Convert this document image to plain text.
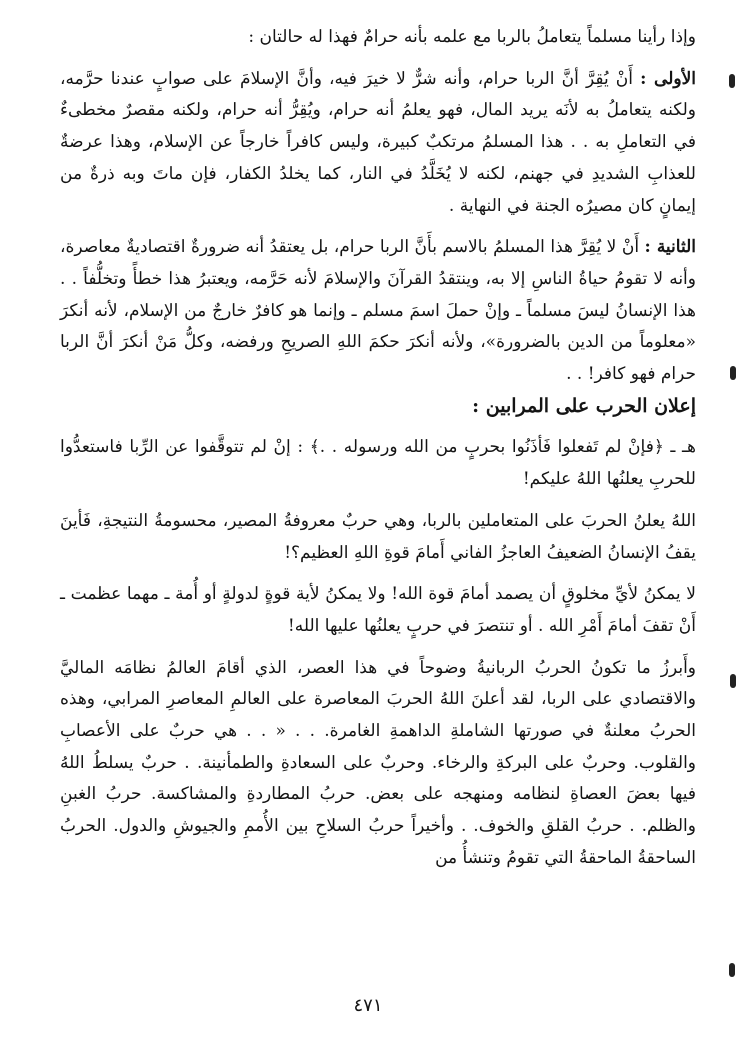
وإذا رأينا مسلماً يتعاملُ بالربا مع علمه بأنه حرامٌ فهذا له حالتان :

الأولى : أَنْ يُقِرَّ أنَّ الربا حرام، وأنه شرٌّ لا خيرَ فيه، وأنَّ الإسلامَ على صوابٍ عندنا حرَّمه، ولكنه يتعاملُ به لأنَه يريد المال، فهو يعلمُ أنه حرام، ويُقِرُّ أنه حرام، ولكنه مقصرٌ مخطىءٌ في التعاملِ به . . هذا المسلمُ مرتكبٌ كبيرة، وليس كافراً خارجاً عن الإسلام، وهذا عرضةٌ للعذابِ الشديدِ في جهنم، لكنه لا يُخَلَّدُ في النار، كما يخلدُ الكفار، فإن ماتَ وبه ذرةٌ من إيمانٍ كان مصيرُه الجنة في النهاية .

الثانية : أَنْ لا يُقِرَّ هذا المسلمُ بالاسم بأَنَّ الربا حرام، بل يعتقدُ أنه ضرورةٌ اقتصاديةٌ معاصرة، وأنه لا تقومُ حياةُ الناسِ إلا به، وينتقدُ القرآنَ والإسلامَ لأنه حَرَّمه، ويعتبرُ هذا خطأً وتخلُّفاً . . هذا الإنسانُ ليسَ مسلماً ـ وإنْ حملَ اسمَ مسلم ـ وإنما هو كافرٌ خارجٌ من الإسلام، لأنه أنكرَ «معلوماً من الدين بالضرورة»، ولأنه أنكرَ حكمَ اللهِ الصريحِ ورفضه، وكلُّ مَنْ أنكرَ أنَّ الربا حرام فهو كافر! . .

إعلان الحرب على المرابين :

هـ ـ ﴿فإنْ لم تَفعلوا فَأذَنُوا بحربٍ من الله ورسوله . .﴾ : إنْ لم تتوقَّفوا عن الرِّبا فاستعدُّوا للحربِ يعلنُها اللهُ عليكم!

اللهُ يعلنُ الحربَ على المتعاملين بالربا، وهي حربٌ معروفةُ المصير، محسومةُ النتيجةِ، فَأينَ يقفُ الإنسانُ الضعيفُ العاجزُ الفاني أَمامَ قوةِ اللهِ العظيم؟!

لا يمكنُ لأيِّ مخلوقٍ أن يصمد أمامَ قوة الله! ولا يمكنُ لأية قوةٍ لدولةٍ أو أُمة ـ مهما عظمت ـ أَنْ تقفَ أمامَ أَمْرِ الله . أو تنتصرَ في حربٍ يعلنُها عليها الله!

وأَبرزُ ما تكونُ الحربُ الربانيةُ وضوحاً في هذا العصر، الذي أقامَ العالمُ نظامَه الماليَّ والاقتصادي على الربا، لقد أعلنَ اللهُ الحربَ المعاصرة على العالمِ المعاصرِ المرابي، وهذه الحربُ معلنةٌ في صورتها الشاملةِ الداهمةِ الغامرة. . . « . . هي حربٌ على الأعصابِ والقلوب. وحربٌ على البركةِ والرخاء. وحربٌ على السعادةِ والطمأنينة. . حربٌ يسلطُ اللهُ فيها بعضَ العصاةِ لنظامه ومنهجه على بعض. حربُ المطاردةِ والمشاكسة. حربُ الغبنِ والظلم. . حربُ القلقِ والخوف. . وأخيراً حربُ السلاحِ بين الأُممِ والجيوشِ والدول. الحربُ الساحقةُ الماحقةُ التي تقومُ وتنشأُ من

٤٧١
